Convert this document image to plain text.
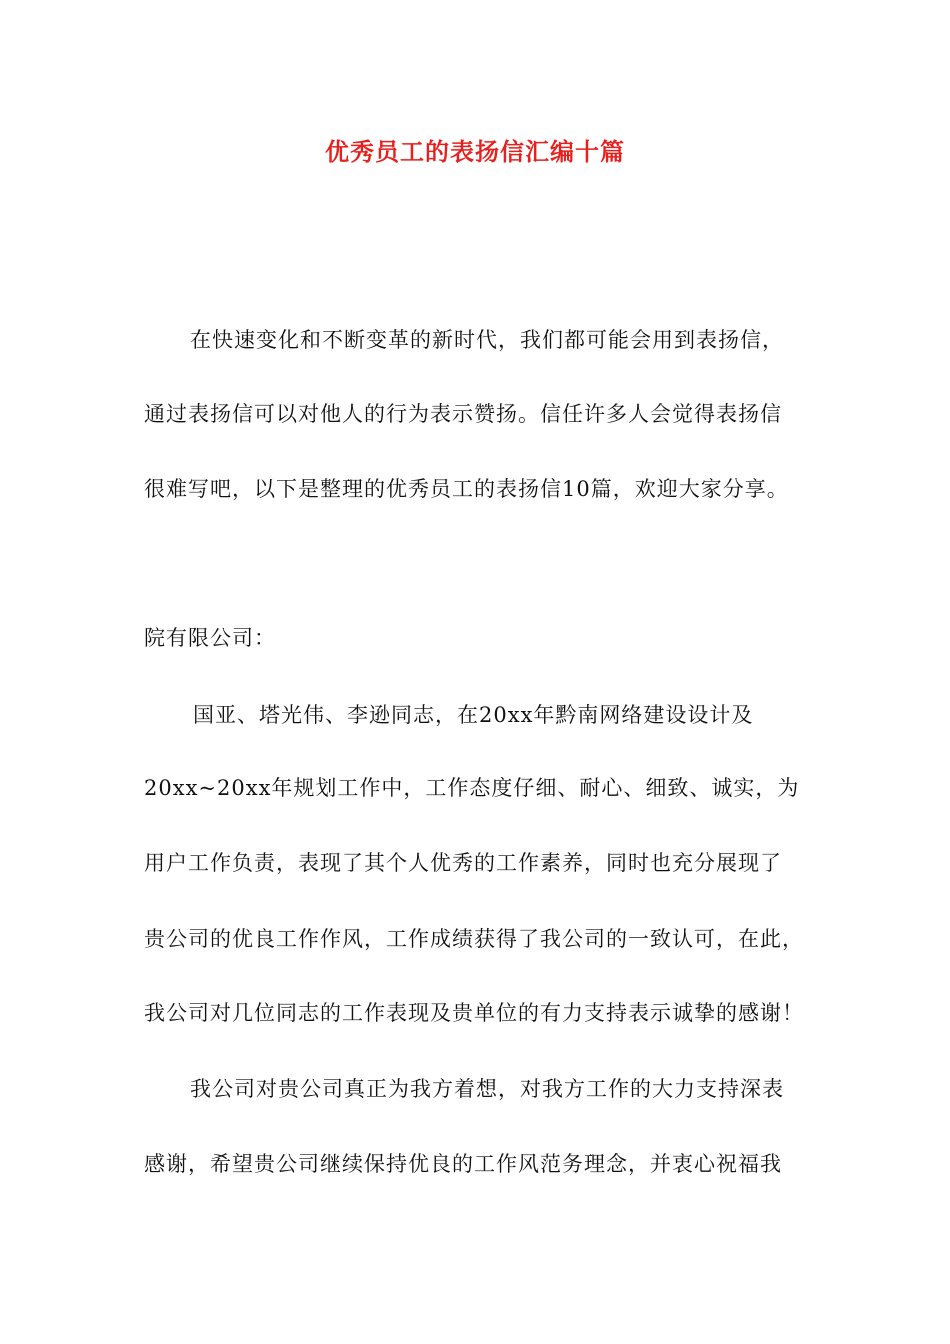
优秀员工的表扬信汇编十篇
在快速变化和不断变革的新时代，我们都可能会用到表扬信，
通过表扬信可以对他人的行为表示赞扬。信任许多人会觉得表扬信
很难写吧，以下是整理的优秀员工的表扬信10篇，欢迎大家分享。
院有限公司：
国亚、塔光伟、李逊同志，在20xx年黔南网络建设设计及
20xx~20xx年规划工作中，工作态度仔细、耐心、细致、诚实，为
用户工作负责，表现了其个人优秀的工作素养，同时也充分展现了
贵公司的优良工作作风，工作成绩获得了我公司的一致认可，在此，
我公司对几位同志的工作表现及贵单位的有力支持表示诚挚的感谢！
我公司对贵公司真正为我方着想，对我方工作的大力支持深表
感谢，希望贵公司继续保持优良的工作风范务理念，并衷心祝福我
